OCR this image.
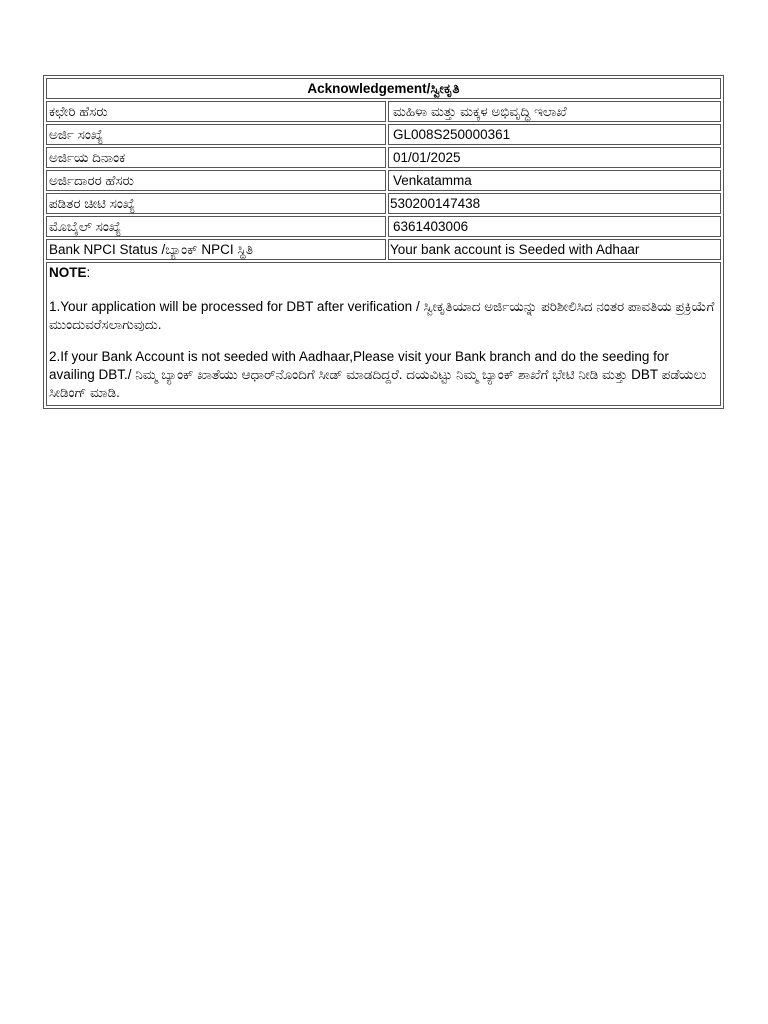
Acknowledgement/ಸ್ವೀಕೃತಿ	
ಕಛೇರಿ ಹೆಸರು	ಮಹಿಳಾ ಮತ್ತು ಮಕ್ಕಳ ಅಭಿವೃದ್ಧಿ ಇಲಾಖೆ
ಅರ್ಜಿ ಸಂಖ್ಯೆ	GL008S250000361
ಅರ್ಜಿಯ ದಿನಾಂಕ	01/01/2025
ಅರ್ಜಿದಾರರ ಹೆಸರು	Venkatamma
ಪಡಿತರ ಚೀಟಿ ಸಂಖ್ಯೆ	530200147438
ಮೊಬೈಲ್ ಸಂಖ್ಯೆ	6361403006
Bank NPCI Status /ಬ್ಯಾಂಕ್ NPCI ಸ್ಥಿತಿ	Your bank account is Seeded with Adhaar

NOTE:

1.Your application will be processed for DBT after verification / ಸ್ವೀಕೃತಿಯಾದ ಅರ್ಜಿಯನ್ನು ಪರಿಶೀಲಿಸಿದ ನಂತರ ಪಾವತಿಯ ಪ್ರಕ್ರಿಯೆಗೆ ಮುಂದುವರೆಸಲಾಗುವುದು.

2.If your Bank Account is not seeded with Aadhaar,Please visit your Bank branch and do the seeding for availing DBT./ ನಿಮ್ಮ ಬ್ಯಾಂಕ್ ಖಾತೆಯು ಆಧಾರ್‌ನೊಂದಿಗೆ ಸೀಡ್ ಮಾಡದಿದ್ದರೆ. ದಯವಿಟ್ಟು ನಿಮ್ಮ ಬ್ಯಾಂಕ್ ಶಾಖೆಗೆ ಭೇಟಿ ನೀಡಿ ಮತ್ತು DBT ಪಡೆಯಲು ಸೀಡಿಂಗ್ ಮಾಡಿ.	
